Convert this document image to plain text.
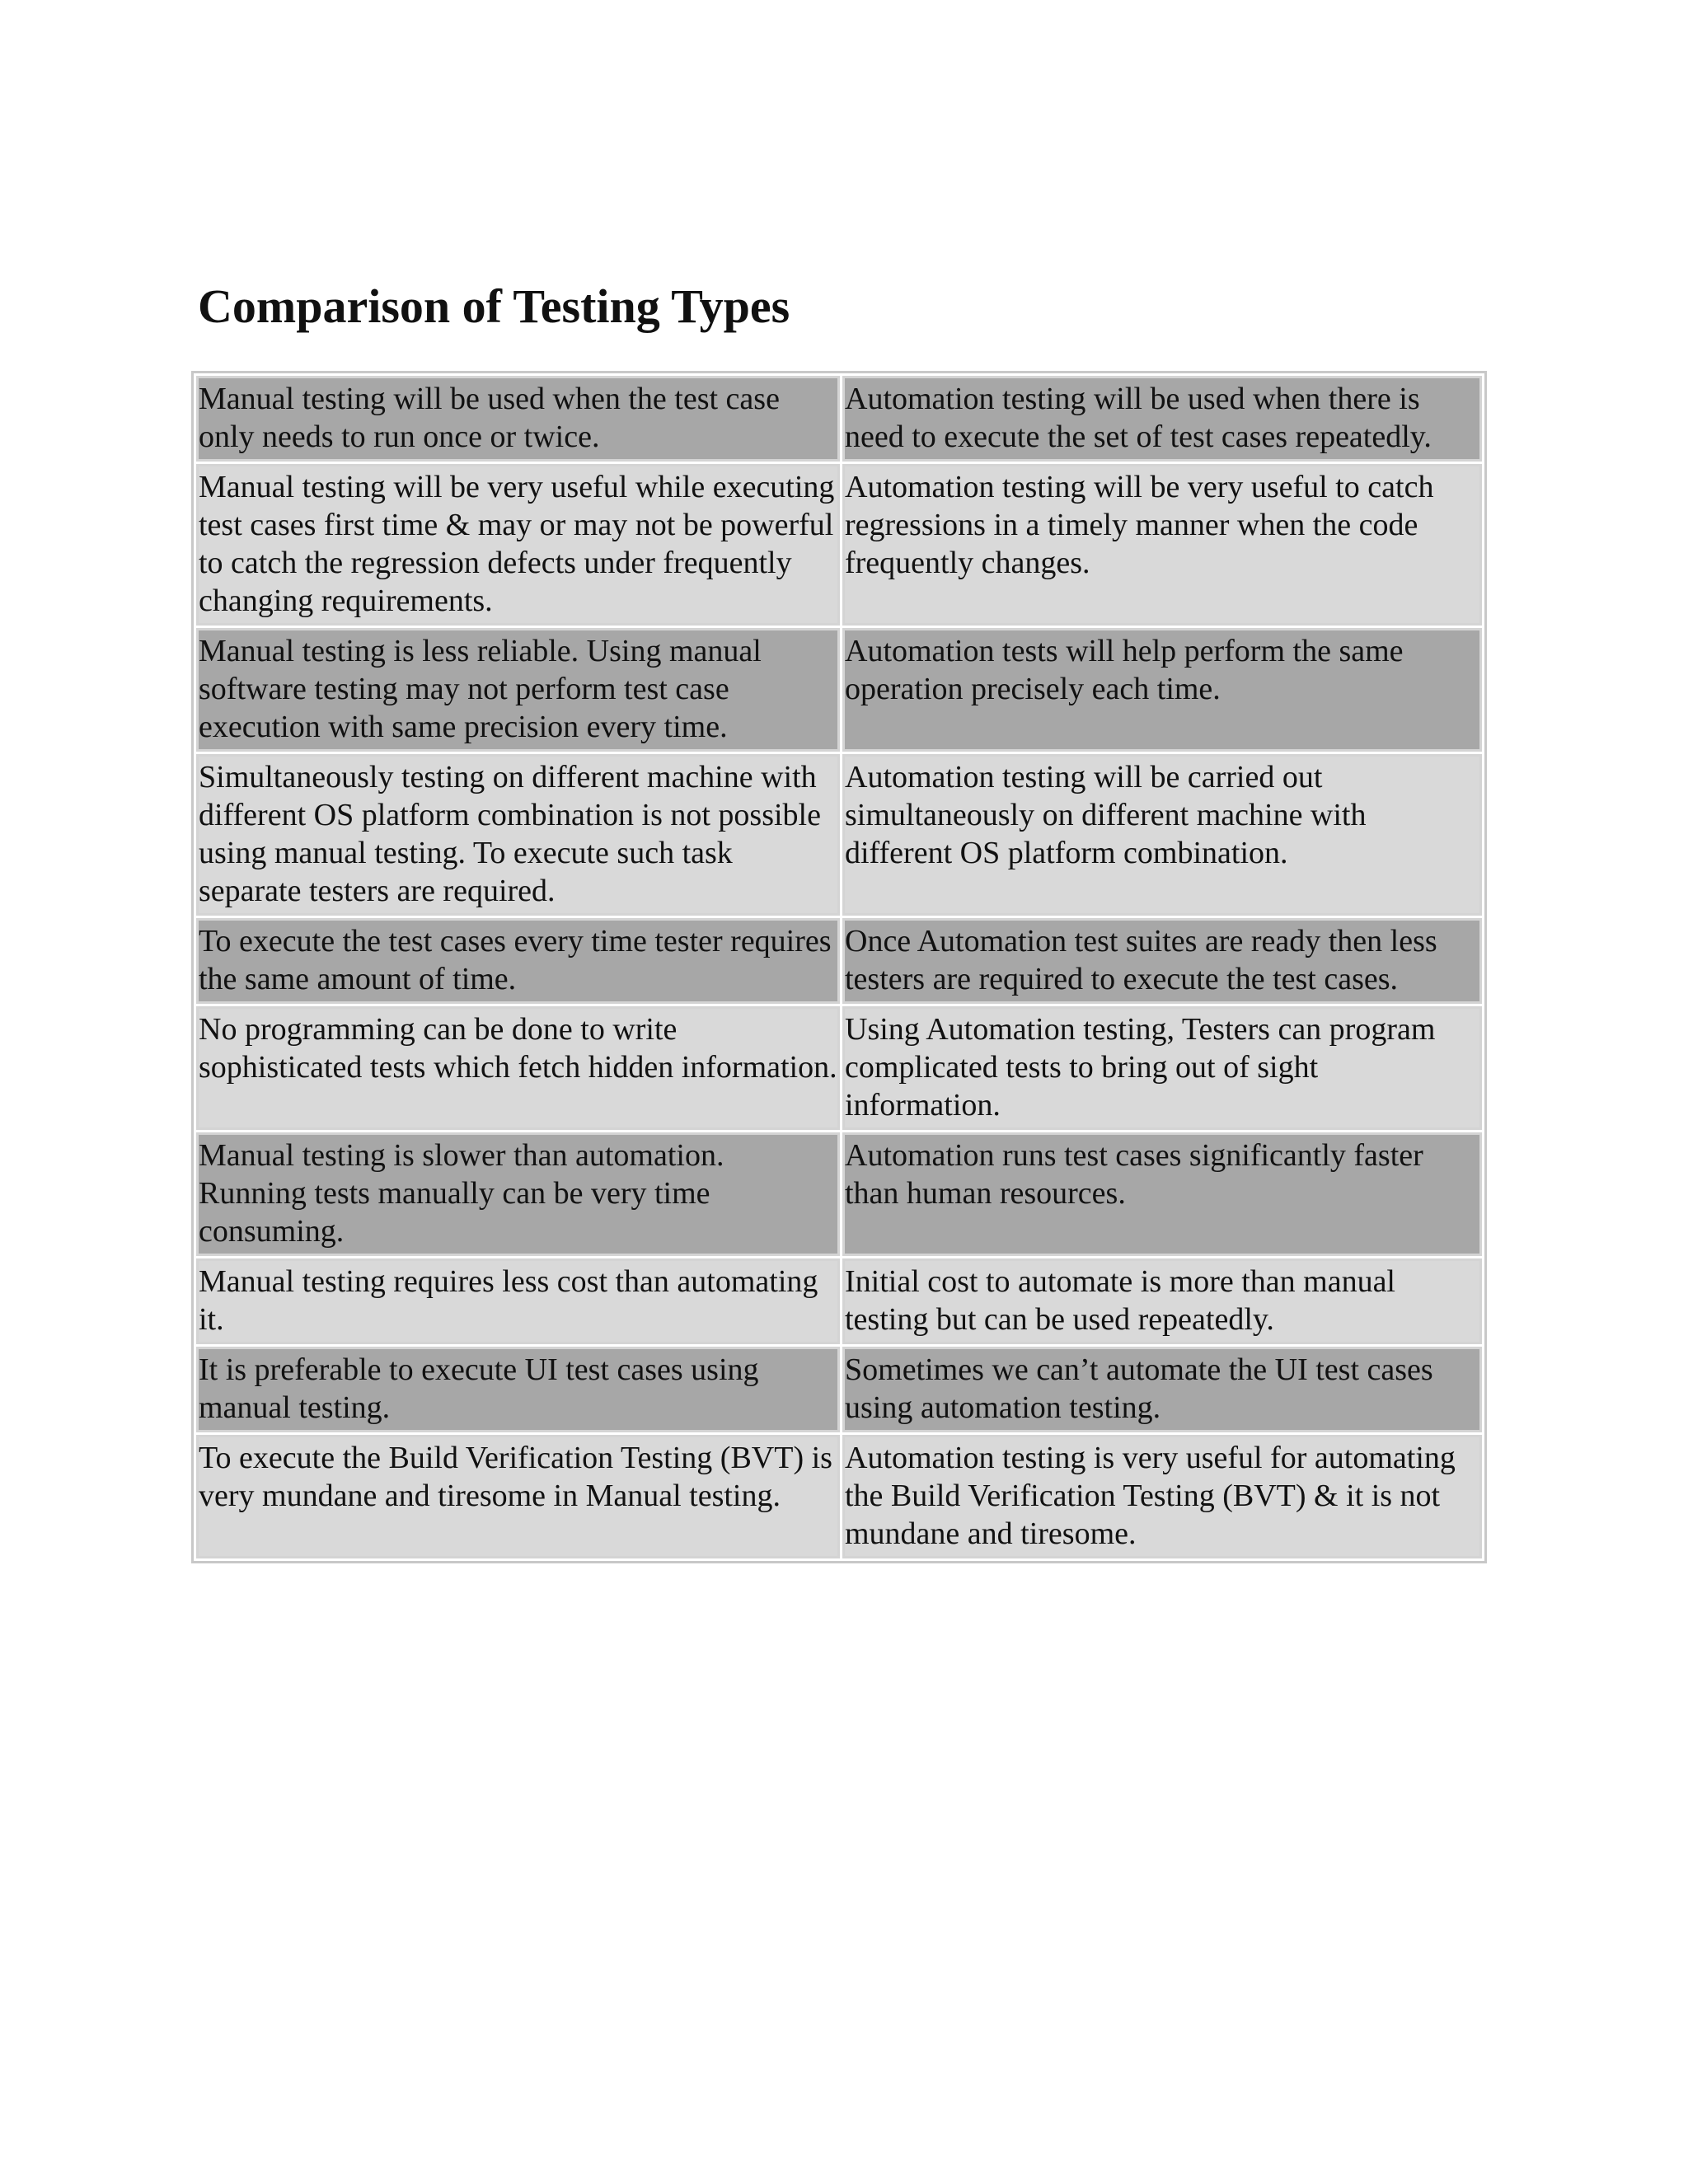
Comparison of Testing Types
Manual testing will be used when the test case only needs to run once or twice.	Automation testing will be used when there is need to execute the set of test cases repeatedly.
Manual testing will be very useful while executing test cases first time & may or may not be powerful to catch the regression defects under frequently changing requirements.	Automation testing will be very useful to catch regressions in a timely manner when the code frequently changes.
Manual testing is less reliable. Using manual software testing may not perform test case execution with same precision every time.	Automation tests will help perform the same operation precisely each time.
Simultaneously testing on different machine with different OS platform combination is not possible using manual testing. To execute such task separate testers are required.	Automation testing will be carried out simultaneously on different machine with different OS platform combination.
To execute the test cases every time tester requires the same amount of time.	Once Automation test suites are ready then less testers are required to execute the test cases.
No programming can be done to write sophisticated tests which fetch hidden information.	Using Automation testing, Testers can program complicated tests to bring out of sight information.
Manual testing is slower than automation. Running tests manually can be very time consuming.	Automation runs test cases significantly faster than human resources.
Manual testing requires less cost than automating it.	Initial cost to automate is more than manual testing but can be used repeatedly.
It is preferable to execute UI test cases using manual testing.	Sometimes we can’t automate the UI test cases using automation testing.
To execute the Build Verification Testing (BVT) is very mundane and tiresome in Manual testing.	Automation testing is very useful for automating the Build Verification Testing (BVT) & it is not mundane and tiresome.
